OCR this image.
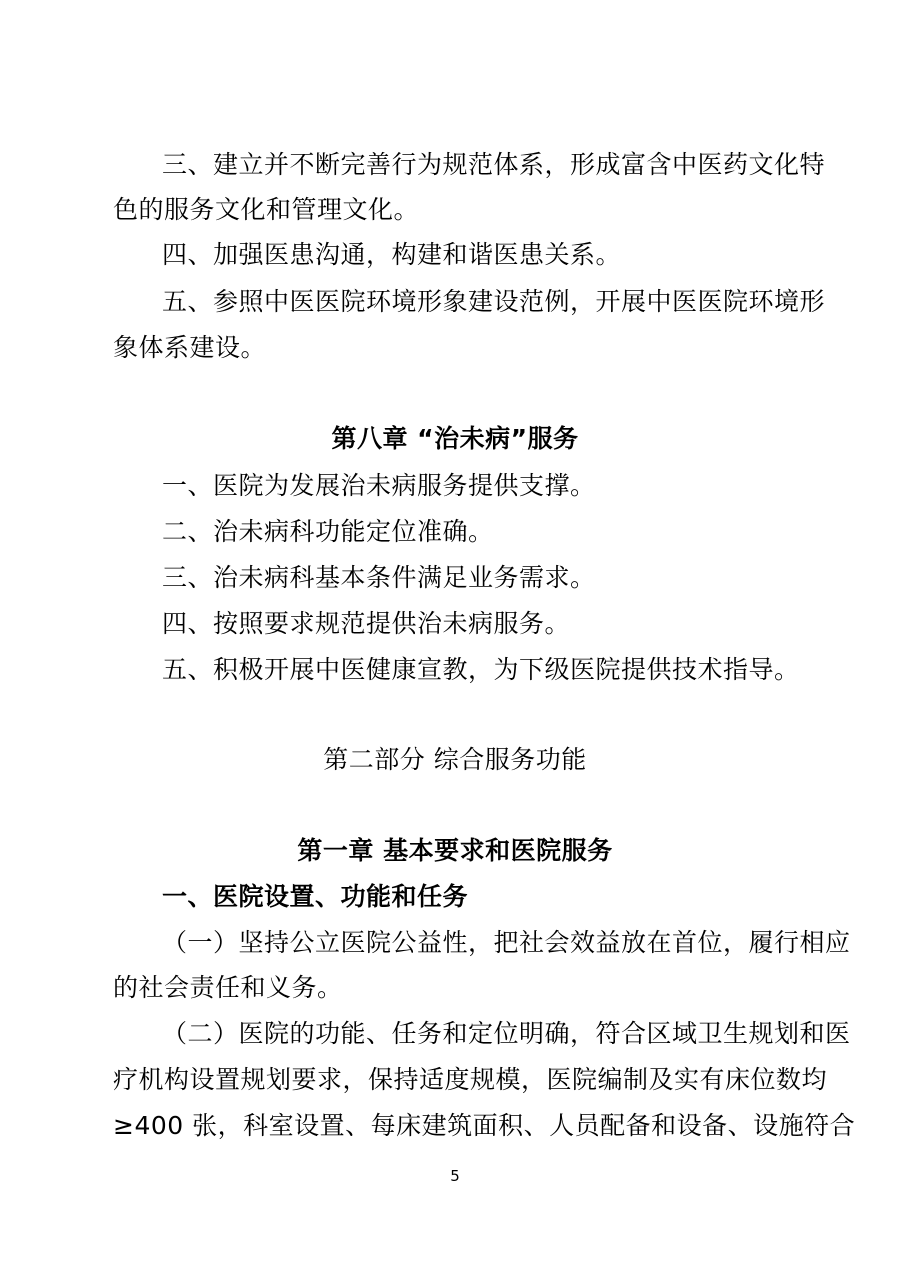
三、建立并不断完善行为规范体系，形成富含中医药文化特
色的服务文化和管理文化。
四、加强医患沟通，构建和谐医患关系。
五、参照中医医院环境形象建设范例，开展中医医院环境形
象体系建设。
第八章 “治未病”服务
一、医院为发展治未病服务提供支撑。
二、治未病科功能定位准确。
三、治未病科基本条件满足业务需求。
四、按照要求规范提供治未病服务。
五、积极开展中医健康宣教，为下级医院提供技术指导。
第二部分 综合服务功能
第一章 基本要求和医院服务
一、医院设置、功能和任务
（一）坚持公立医院公益性，把社会效益放在首位，履行相应
的社会责任和义务。
（二）医院的功能、任务和定位明确，符合区域卫生规划和医
疗机构设置规划要求，保持适度规模，医院编制及实有床位数均
≥400 张，科室设置、每床建筑面积、人员配备和设备、设施符合
5
